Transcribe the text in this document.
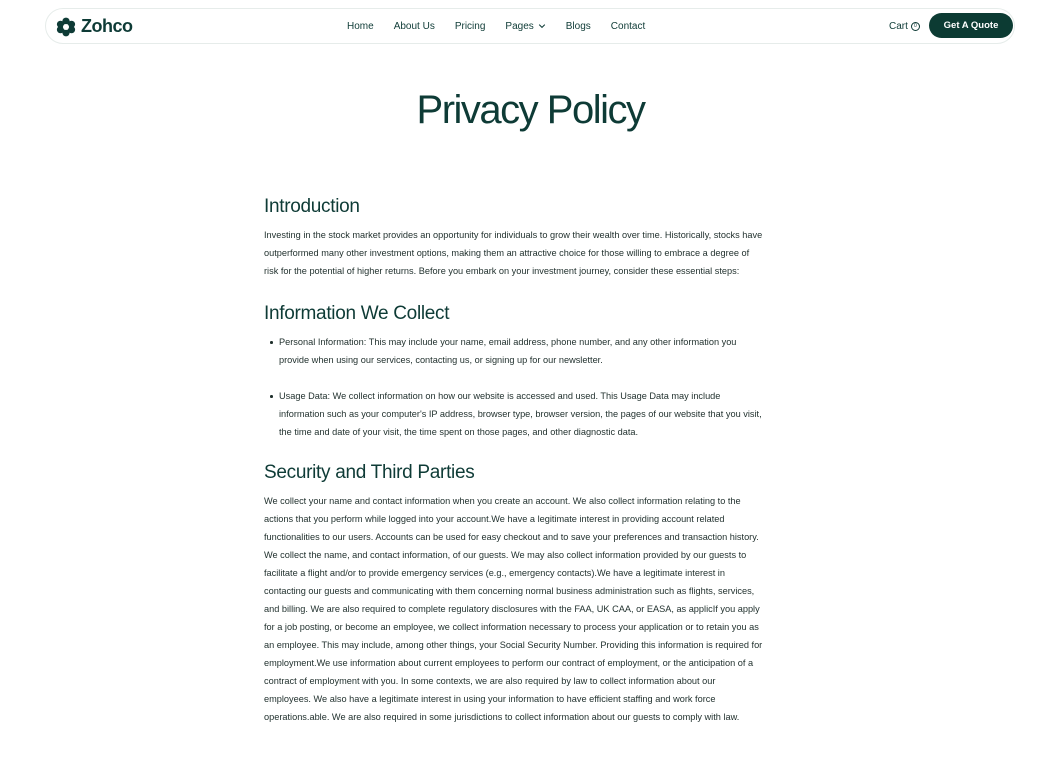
Zohco	Home About Us Pricing Pages	Blogs Contact	Cart	0	Get A Quote
Privacy Policy
Introduction

Investing in the stock market provides an opportunity for individuals to grow their wealth over time. Historically, stocks have outperformed many other investment options, making them an attractive choice for those willing to embrace a degree of risk for the potential of higher returns. Before you embark on your investment journey, consider these essential steps:

Information We Collect
Personal Information: This may include your name, email address, phone number, and any other information you provide when using our services, contacting us, or signing up for our newsletter.
Usage Data: We collect information on how our website is accessed and used. This Usage Data may include information such as your computer's IP address, browser type, browser version, the pages of our website that you visit, the time and date of your visit, the time spent on those pages, and other diagnostic data.
Security and Third Parties

We collect your name and contact information when you create an account. We also collect information relating to the actions that you perform while logged into your account.We have a legitimate interest in providing account related functionalities to our users. Accounts can be used for easy checkout and to save your preferences and transaction history. We collect the name, and contact information, of our guests. We may also collect information provided by our guests to facilitate a flight and/or to provide emergency services (e.g., emergency contacts).We have a legitimate interest in contacting our guests and communicating with them concerning normal business administration such as flights, services, and billing. We are also required to complete regulatory disclosures with the FAA, UK CAA, or EASA, as applicIf you apply for a job posting, or become an employee, we collect information necessary to process your application or to retain you as an employee. This may include, among other things, your Social Security Number. Providing this information is required for employment.We use information about current employees to perform our contract of employment, or the anticipation of a contract of employment with you. In some contexts, we are also required by law to collect information about our employees. We also have a legitimate interest in using your information to have efficient staffing and work force operations.able. We are also required in some jurisdictions to collect information about our guests to comply with law.
